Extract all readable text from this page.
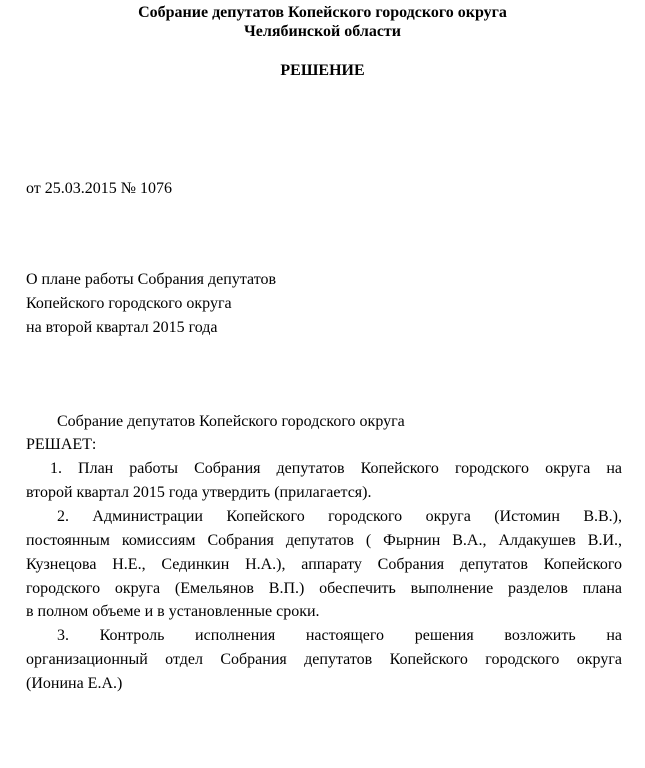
Собрание депутатов Копейского городского округа
Челябинской области
РЕШЕНИЕ
от 25.03.2015 № 1076
О плане работы Собрания депутатов
Копейского городского округа
на второй квартал 2015 года
Собрание депутатов Копейского городского округа
РЕШАЕТ:
1. План работы Собрания депутатов Копейского городского округа на
второй квартал 2015 года утвердить (прилагается).
2. Администрации Копейского городского округа (Истомин В.В.),
постоянным комиссиям Собрания депутатов ( Фырнин В.А., Алдакушев В.И.,
Кузнецова Н.Е., Сединкин Н.А.), аппарату Собрания депутатов Копейского
городского округа (Емельянов В.П.) обеспечить выполнение разделов плана
в полном объеме и в установленные сроки.
3. Контроль исполнения настоящего решения возложить на
организационный отдел Собрания депутатов Копейского городского округа
(Ионина Е.А.)
